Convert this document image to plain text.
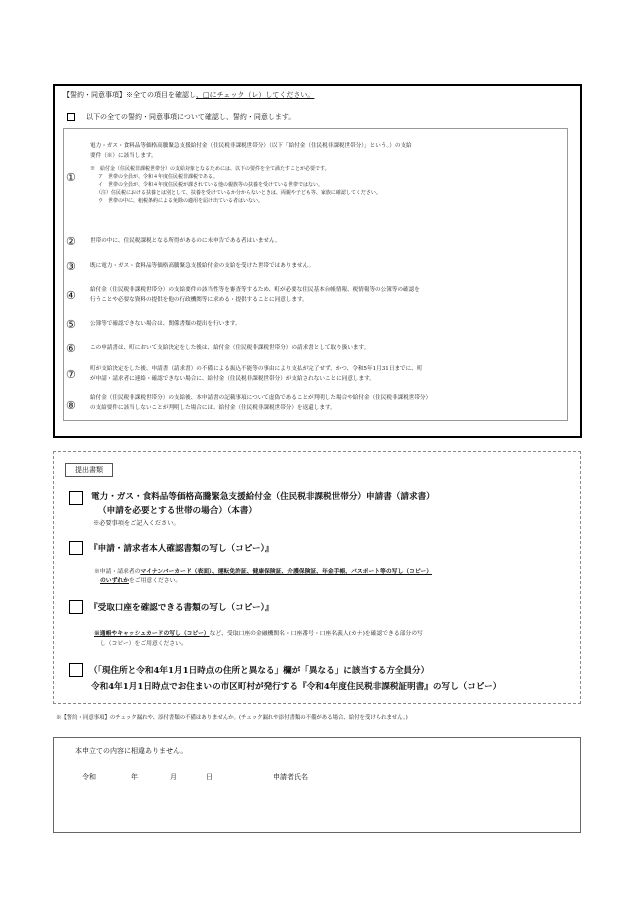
【誓約・同意事項】※全ての項目を確認し、□にチェック（レ）してください。
以下の全ての誓約・同意事項について確認し、誓約・同意します。
①
電力・ガス・食料品等価格高騰緊急支援給付金（住民税非課税世帯分）（以下「給付金（住民税非課税世帯分）」という。）の支給
要件（※）に該当します。
※　給付金（住民税非課税世帯分）の支給対象となるためには、以下の要件を全て満たすことが必要です。
ア　世帯の全員が、令和４年度住民税非課税である。
イ　世帯の全員が、令和４年度住民税が課されている他の親族等の扶養を受けている世帯ではない。
（注）住民税における扶養とは別として、扶養を受けているか分からないときは、両親や子ども等、家族に確認してください。
ウ　世帯の中に、租税条約による免除の適用を届け出ている者はいない。
②	世帯の中に、住民税課税となる所得があるのに未申告である者はいません。
③	既に電力・ガス・食料品等価格高騰緊急支援給付金の支給を受けた世帯ではありません。
④	給付金（住民税非課税世帯分）の支給要件の該当性等を審査等するため、町が必要な住民基本台帳情報、税情報等の公簿等の確認を
行うことや必要な資料の提供を他の行政機関等に求める・提供することに同意します。
⑤	公簿等で確認できない場合は、関係書類の提出を行います。
⑥	この申請書は、町において支給決定をした後は、給付金（住民税非課税世帯分）の請求書として取り扱います。
⑦	町が支給決定をした後、申請書（請求書）の不備による振込不能等の事由により支払が完了せず、かつ、令和5年1月31日までに、町
が申請・請求者に連絡・確認できない場合に、給付金（住民税非課税世帯分）が支給されないことに同意します。
⑧
給付金（住民税非課税世帯分）の支給後、本申請書の記載事項について虚偽であることが判明した場合や給付金（住民税非課税世帯分）
の支給要件に該当しないことが判明した場合には、給付金（住民税非課税世帯分）を返還します。
提出書類
電力・ガス・食料品等価格高騰緊急支援給付金（住民税非課税世帯分）申請書（請求書）
（申請を必要とする世帯の場合）（本書）
※必要事項をご記入ください。
『申請・請求者本人確認書類の写し（コピー）』
※申請・請求者のマイナンバーカード（表面）、運転免許証、健康保険証、介護保険証、年金手帳、パスポート等の写し（コピー）
のいずれかをご用意ください。
『受取口座を確認できる書類の写し（コピー）』
※通帳やキャッシュカードの写し（コピー）など、受取口座の金融機関名・口座番号・口座名義人(カナ)を確認できる部分の写
し（コピー）をご用意ください。
（「現住所と令和4年1月1日時点の住所と異なる」欄が「異なる」に該当する方全員分）
令和4年1月1日時点でお住まいの市区町村が発行する『令和4年度住民税非課税証明書』の写し（コピー）
※【誓約・同意事項】のチェック漏れや、添付書類の不備はありませんか。(チェック漏れや添付書類の不備がある場合、給付を受けられません。)
本申立ての内容に相違ありません。
令和	年	月	日	申請者氏名
